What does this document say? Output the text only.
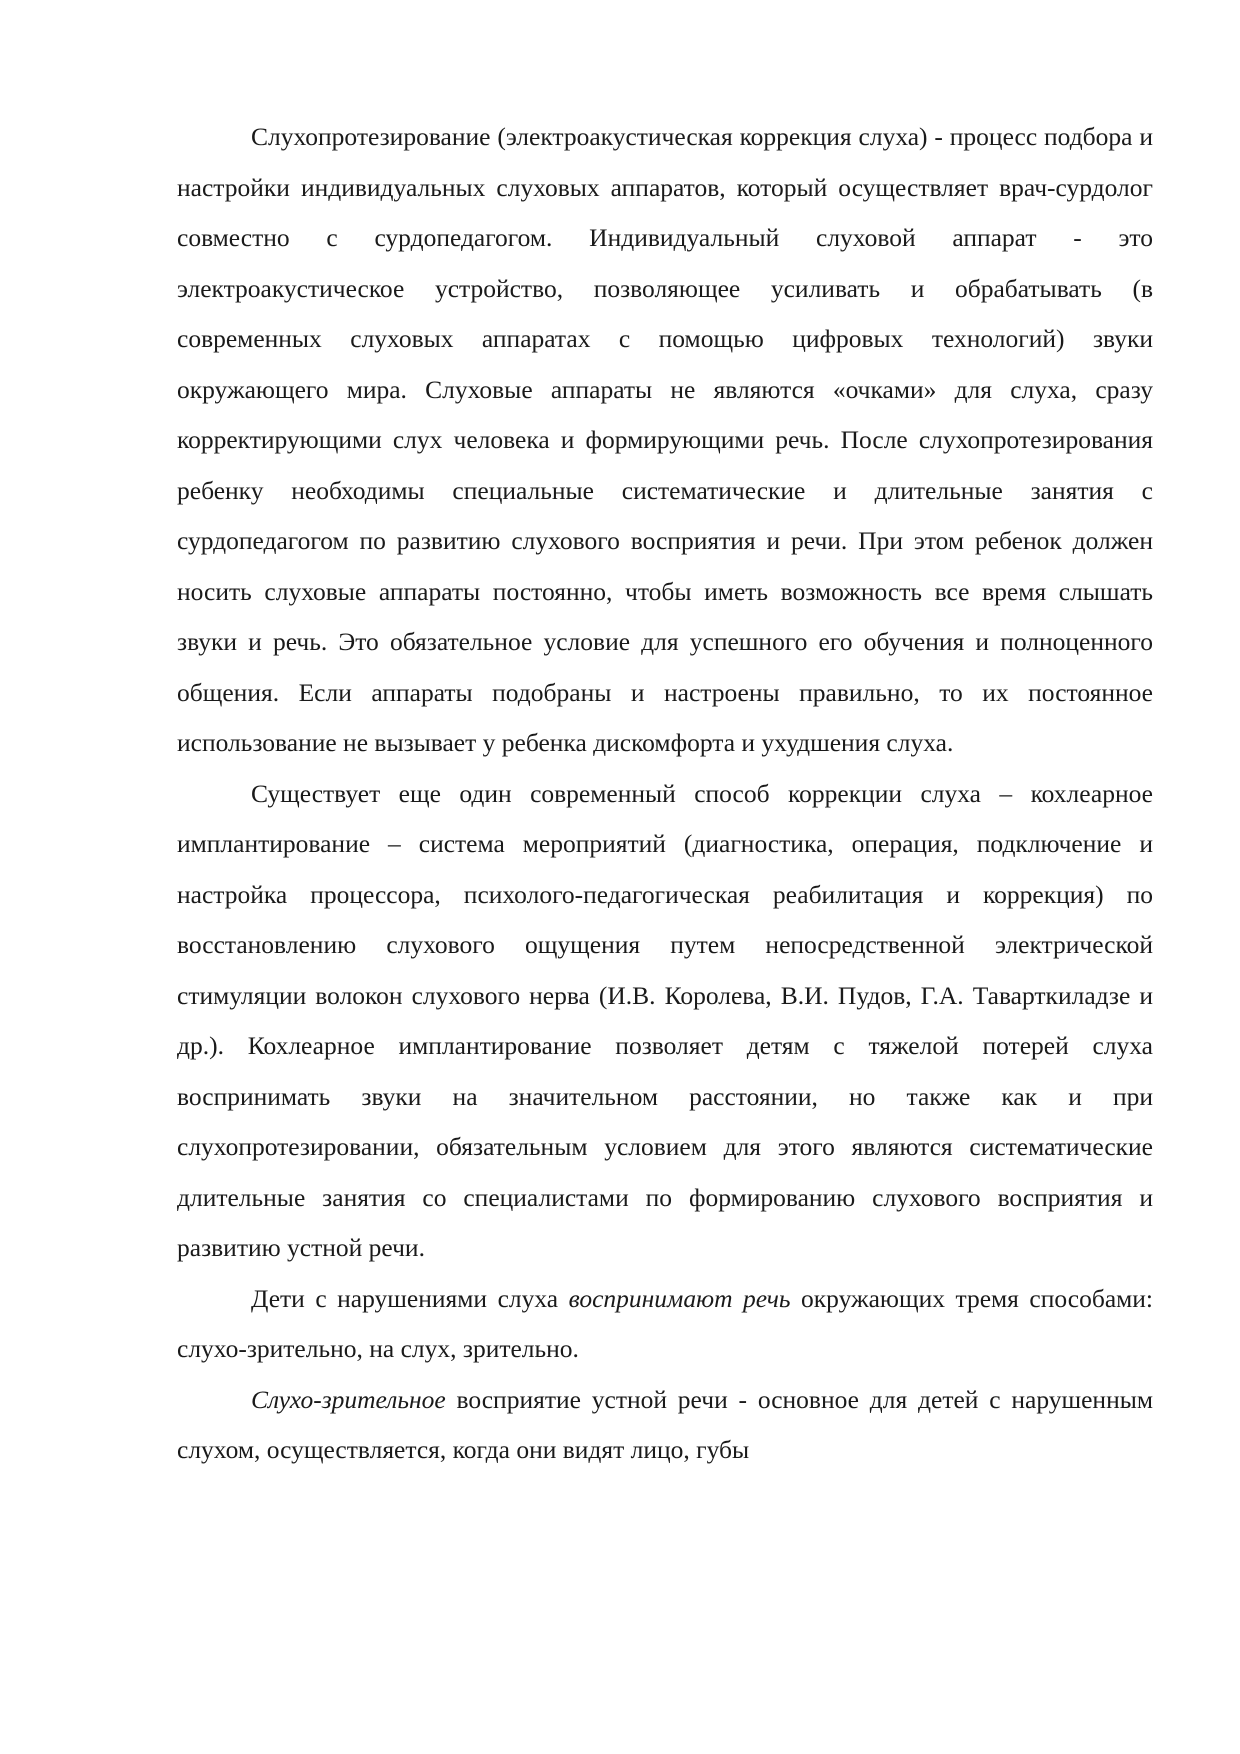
Слухопротезирование (электроакустическая коррекция слуха) - процесс подбора и настройки индивидуальных слуховых аппаратов, который осуществляет врач-сурдолог совместно с сурдопедагогом. Индивидуальный слуховой аппарат - это электроакустическое устройство, позволяющее усиливать и обрабатывать (в современных слуховых аппаратах с помощью цифровых технологий) звуки окружающего мира. Слуховые аппараты не являются «очками» для слуха, сразу корректирующими слух человека и формирующими речь. После слухопротезирования ребенку необходимы специальные систематические и длительные занятия с сурдопедагогом по развитию слухового восприятия и речи. При этом ребенок должен носить слуховые аппараты постоянно, чтобы иметь возможность все время слышать звуки и речь. Это обязательное условие для успешного его обучения и полноценного общения. Если аппараты подобраны и настроены правильно, то их постоянное использование не вызывает у ребенка дискомфорта и ухудшения слуха.

Существует еще один современный способ коррекции слуха – кохлеарное имплантирование – система мероприятий (диагностика, операция, подключение и настройка процессора, психолого-педагогическая реабилитация и коррекция) по восстановлению слухового ощущения путем непосредственной электрической стимуляции волокон слухового нерва (И.В. Королева, В.И. Пудов, Г.А. Таварткиладзе и др.). Кохлеарное имплантирование позволяет детям с тяжелой потерей слуха воспринимать звуки на значительном расстоянии, но также как и при слухопротезировании, обязательным условием для этого являются систематические длительные занятия со специалистами по формированию слухового восприятия и развитию устной речи.

Дети с нарушениями слуха воспринимают речь окружающих тремя способами: слухо-зрительно, на слух, зрительно.

Слухо-зрительное восприятие устной речи - основное для детей с нарушенным слухом, осуществляется, когда они видят лицо, губы
